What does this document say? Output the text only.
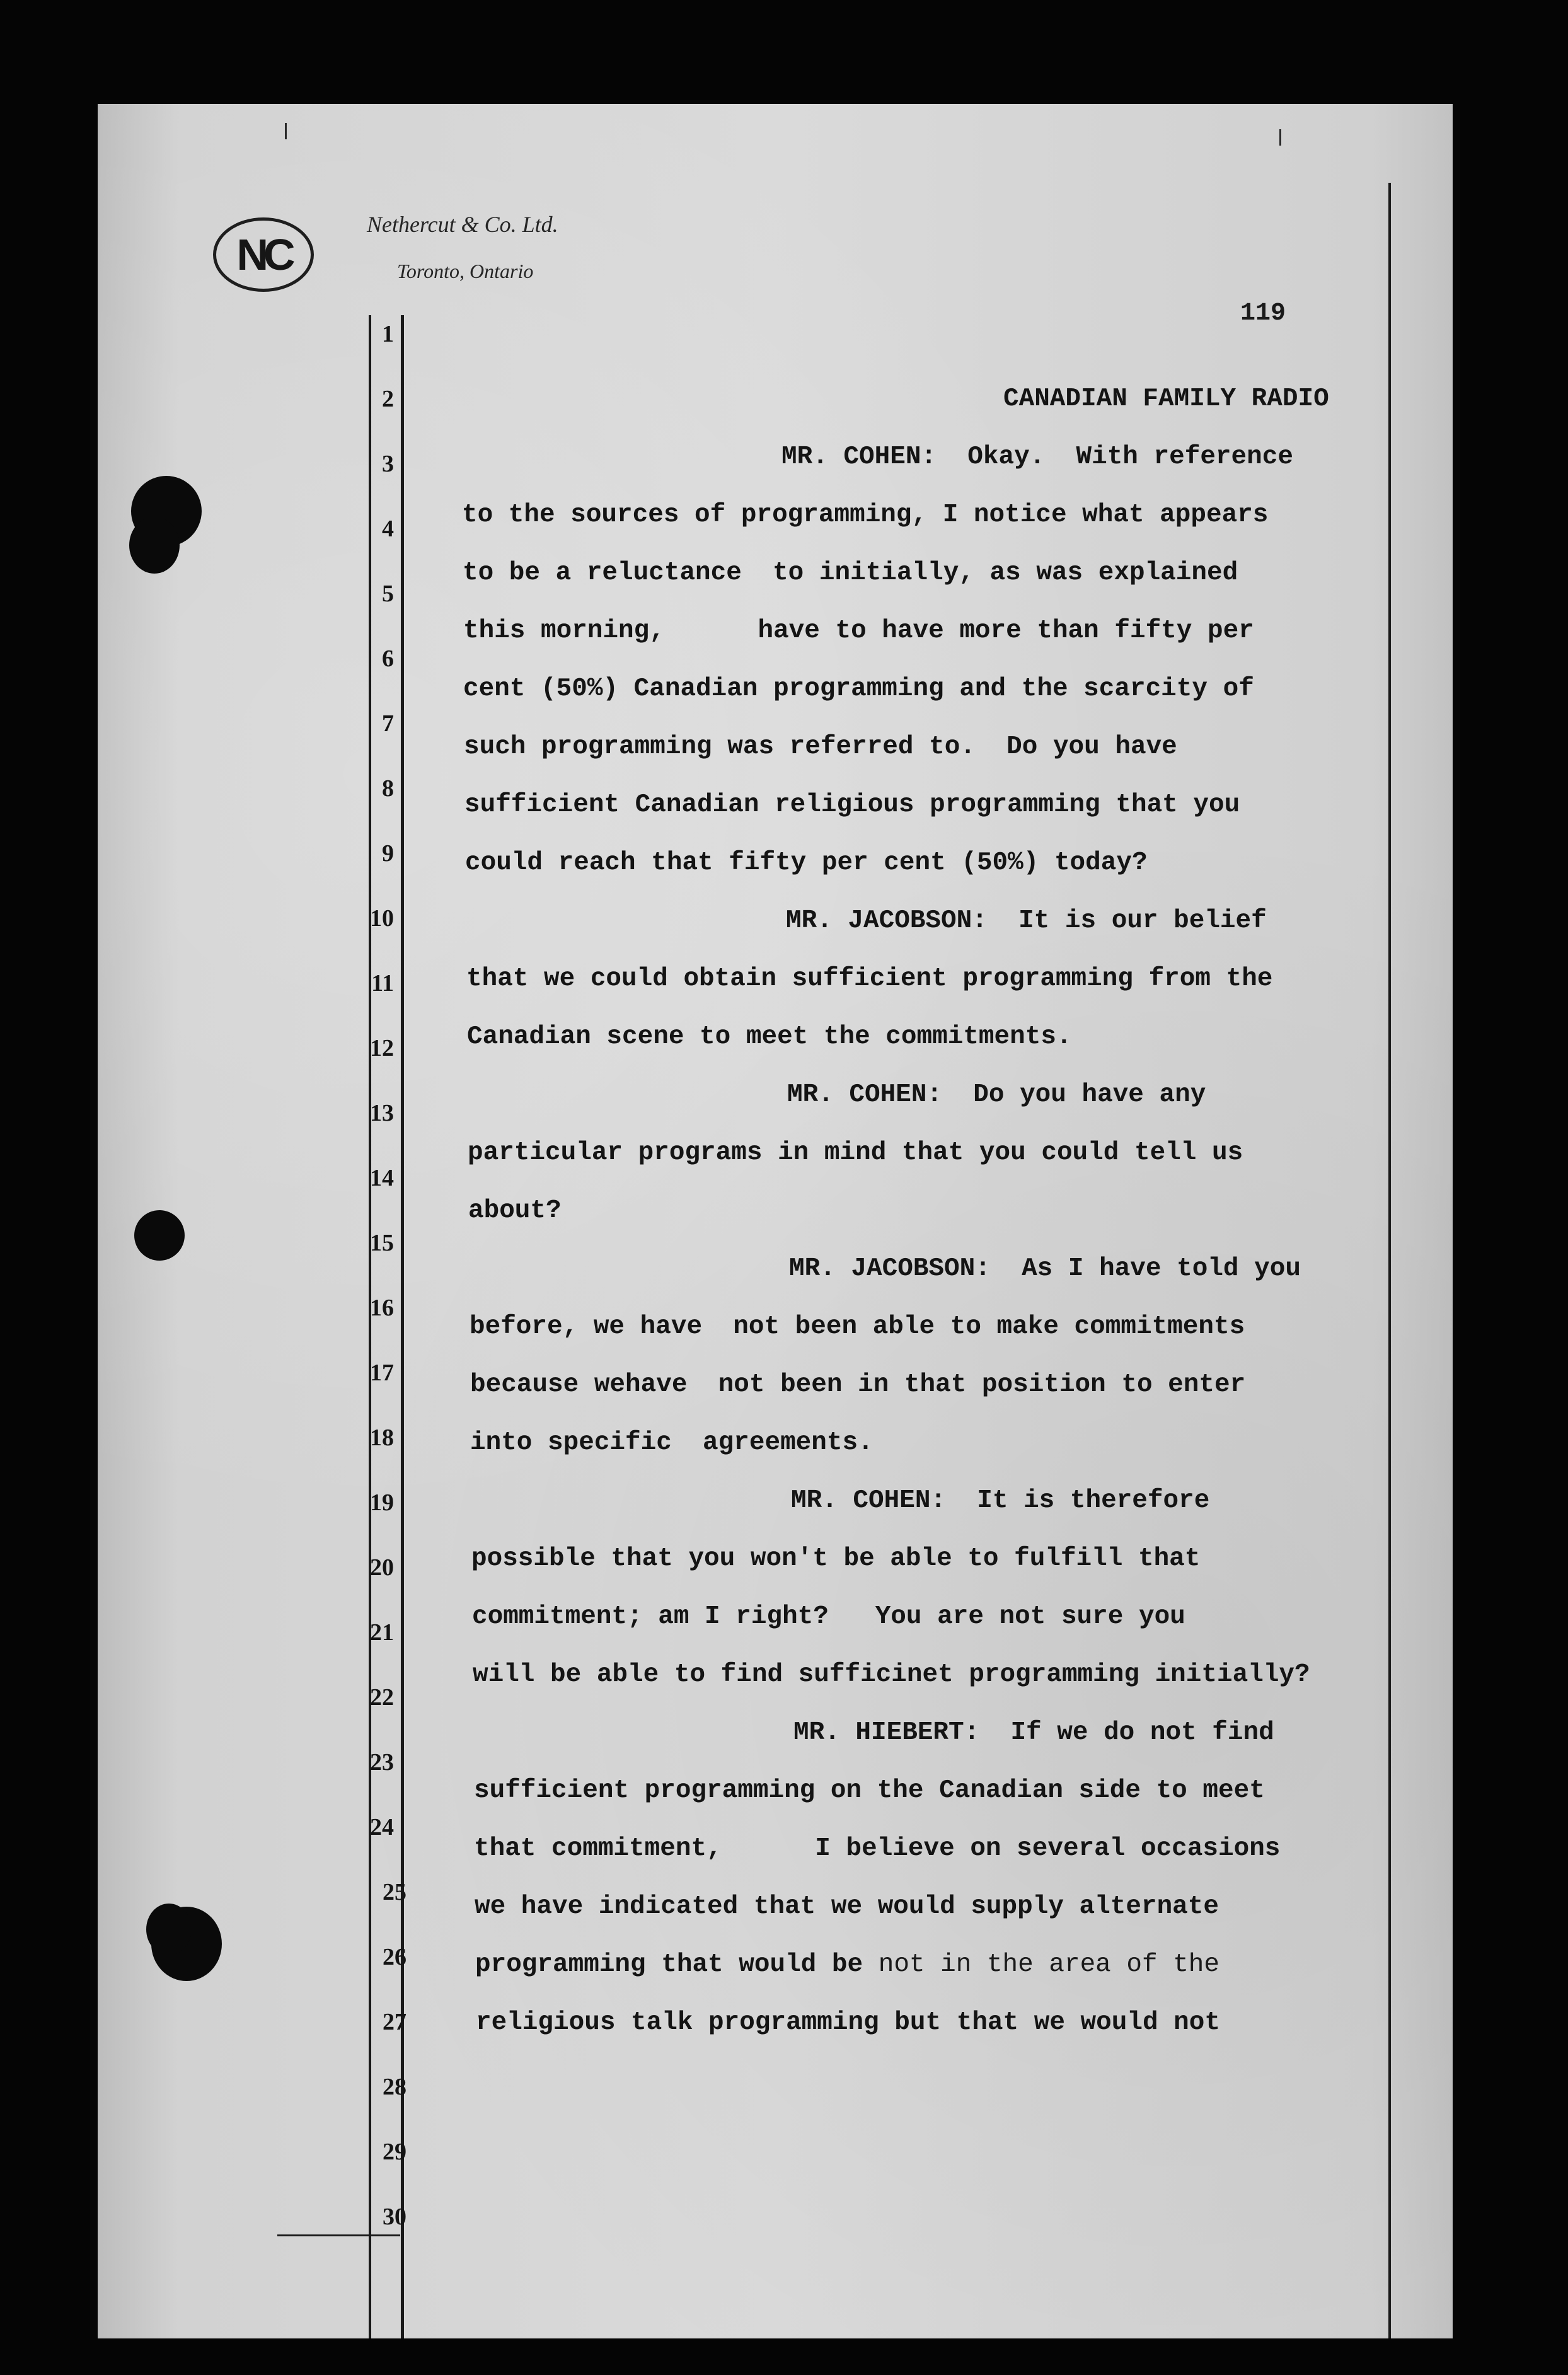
NC
Nethercut & Co. Ltd.
Toronto, Ontario
119
1
2
3
4
5
6
7
8
9
10
11
12
13
14
15
16
17
18
19
20
21
22
23
24
25
26
27
28
29
30
MR. COHEN:  Okay.  With reference
to the sources of programming, I notice what appears
to be a reluctance  to initially, as was explained
this morning,      have to have more than fifty per
cent (50%) Canadian programming and the scarcity of
such programming was referred to.  Do you have
sufficient Canadian religious programming that you
could reach that fifty per cent (50%) today?
MR. JACOBSON:  It is our belief
that we could obtain sufficient programming from the
Canadian scene to meet the commitments.
MR. COHEN:  Do you have any
particular programs in mind that you could tell us
about?
MR. JACOBSON:  As I have told you
before, we have  not been able to make commitments
because wehave  not been in that position to enter
into specific  agreements.
MR. COHEN:  It is therefore
possible that you won't be able to fulfill that
commitment; am I right?   You are not sure you
will be able to find sufficinet programming initially?
MR. HIEBERT:  If we do not find
sufficient programming on the Canadian side to meet
that commitment,      I believe on several occasions
we have indicated that we would supply alternate
programming that would be not in the area of the
religious talk programming but that we would not
CANADIAN FAMILY RADIO
